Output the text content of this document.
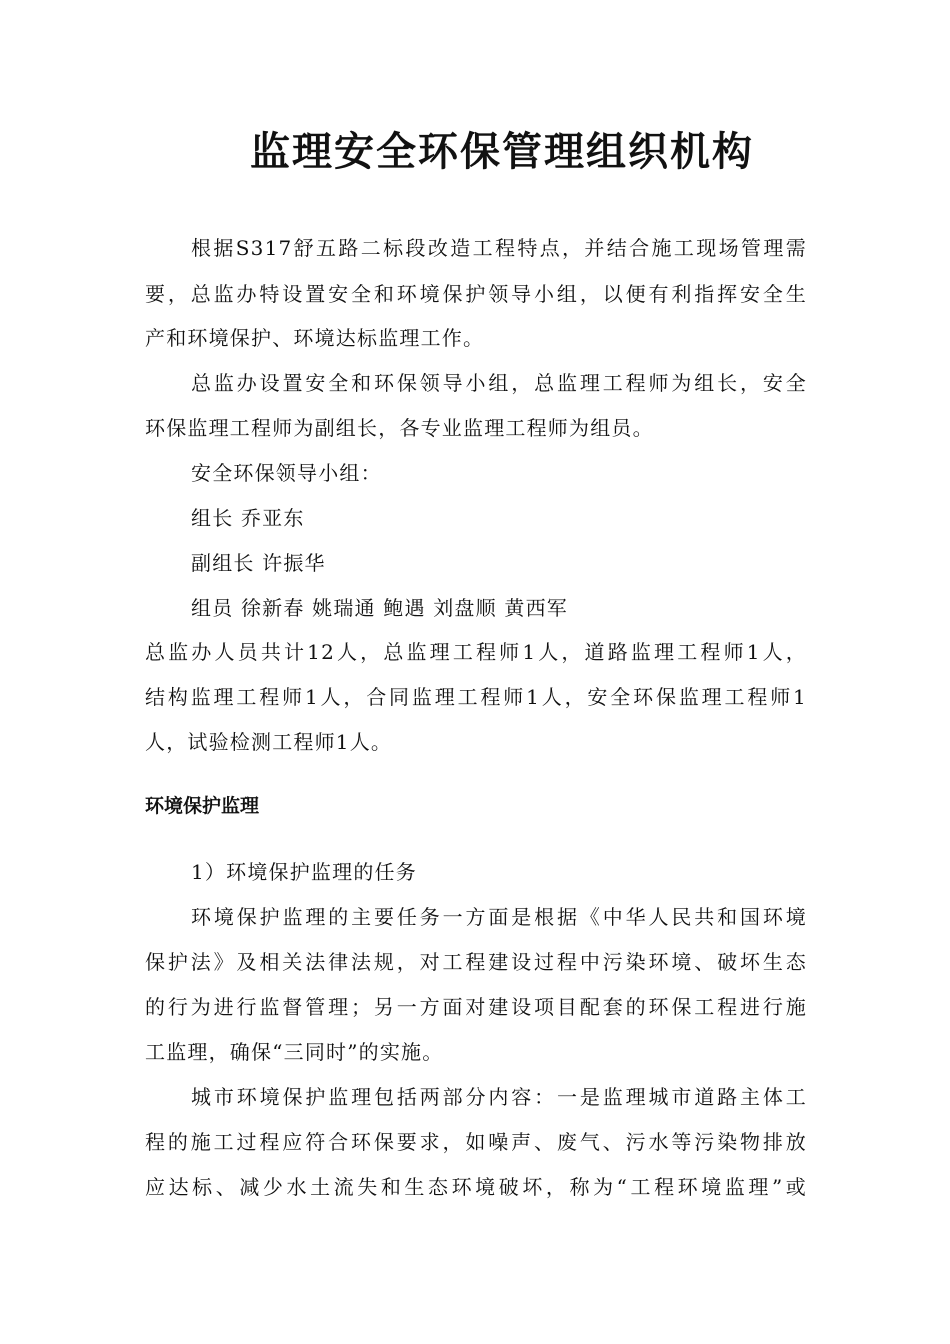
监理安全环保管理组织机构
根据S317舒五路二标段改造工程特点，并结合施工现场管理需
要，总监办特设置安全和环境保护领导小组，以便有利指挥安全生
产和环境保护、环境达标监理工作。
总监办设置安全和环保领导小组，总监理工程师为组长，安全
环保监理工程师为副组长，各专业监理工程师为组员。
安全环保领导小组：
组长 乔亚东
副组长 许振华
组员 徐新春 姚瑞通 鲍遇 刘盘顺 黄西军
总监办人员共计12人，总监理工程师1人，道路监理工程师1人，
结构监理工程师1人，合同监理工程师1人，安全环保监理工程师1
人，试验检测工程师1人。
环境保护监理
1）环境保护监理的任务
环境保护监理的主要任务一方面是根据《中华人民共和国环境
保护法》及相关法律法规，对工程建设过程中污染环境、破坏生态
的行为进行监督管理；另一方面对建设项目配套的环保工程进行施
工监理，确保“三同时”的实施。
城市环境保护监理包括两部分内容：一是监理城市道路主体工
程的施工过程应符合环保要求，如噪声、废气、污水等污染物排放
应达标、减少水土流失和生态环境破坏，称为“工程环境监理”或
